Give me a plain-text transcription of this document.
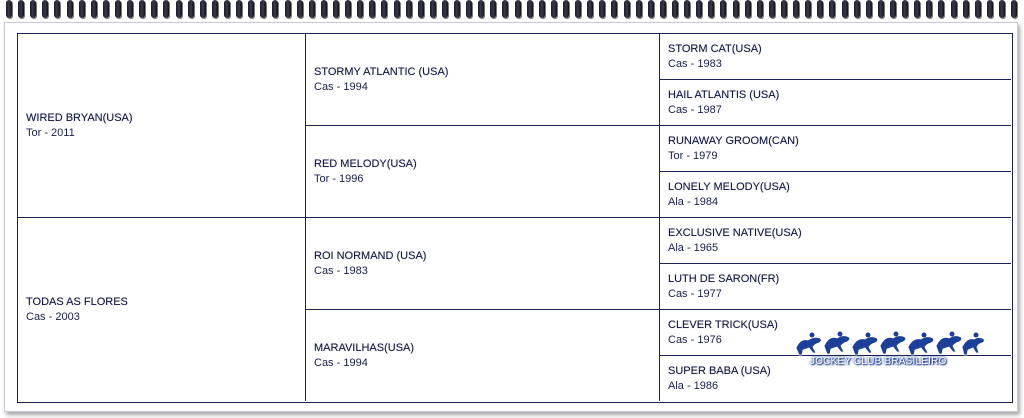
WIRED BRYAN(USA)
Tor - 2011
TODAS AS FLORES
Cas - 2003
STORMY ATLANTIC (USA)
Cas - 1994
RED MELODY(USA)
Tor - 1996
ROI NORMAND (USA)
Cas - 1983
MARAVILHAS(USA)
Cas - 1994
STORM CAT(USA)
Cas - 1983
HAIL ATLANTIS (USA)
Cas - 1987
RUNAWAY GROOM(CAN)
Tor - 1979
LONELY MELODY(USA)
Ala - 1984
EXCLUSIVE NATIVE(USA)
Ala - 1965
LUTH DE SARON(FR)
Cas - 1977
CLEVER TRICK(USA)
Cas - 1976
SUPER BABA (USA)
Ala - 1986
JOCKEY CLUB BRASILEIRO
